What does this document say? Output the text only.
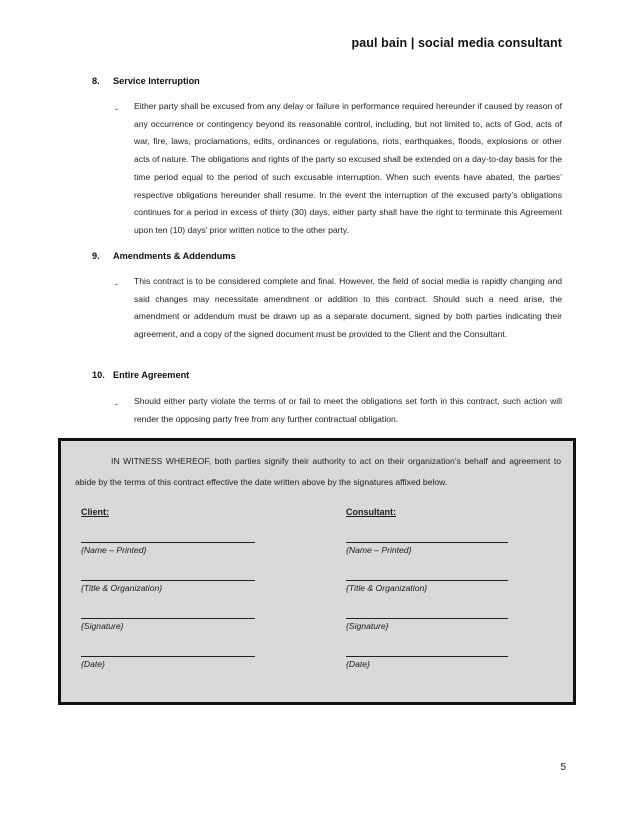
paul bain | social media consultant
8. Service Interruption
- Either party shall be excused from any delay or failure in performance required hereunder if caused by reason of any occurrence or contingency beyond its reasonable control, including, but not limited to, acts of God, acts of war, fire, laws, proclamations, edits, ordinances or regulations, riots, earthquakes, floods, explosions or other acts of nature. The obligations and rights of the party so excused shall be extended on a day-to-day basis for the time period equal to the period of such excusable interruption. When such events have abated, the parties’ respective obligations hereunder shall resume. In the event the interruption of the excused party’s obligations continues for a period in excess of thirty (30) days, either party shall have the right to terminate this Agreement upon ten (10) days’ prior written notice to the other party.
9. Amendments & Addendums
- This contract is to be considered complete and final. However, the field of social media is rapidly changing and said changes may necessitate amendment or addition to this contract. Should such a need arise, the amendment or addendum must be drawn up as a separate document, signed by both parties indicating their agreement, and a copy of the signed document must be provided to the Client and the Consultant.
10. Entire Agreement
- Should either party violate the terms of or fail to meet the obligations set forth in this contract, such action will render the opposing party free from any further contractual obligation.
IN WITNESS WHEREOF, both parties signify their authority to act on their organization’s behalf and agreement to abide by the terms of this contract effective the date written above by the signatures affixed below.
Client:
{Name – Printed}
{Title & Organization}
{Signature}
{Date}
Consultant:
{Name – Printed}
{Title & Organization}
{Signature}
{Date}
5
